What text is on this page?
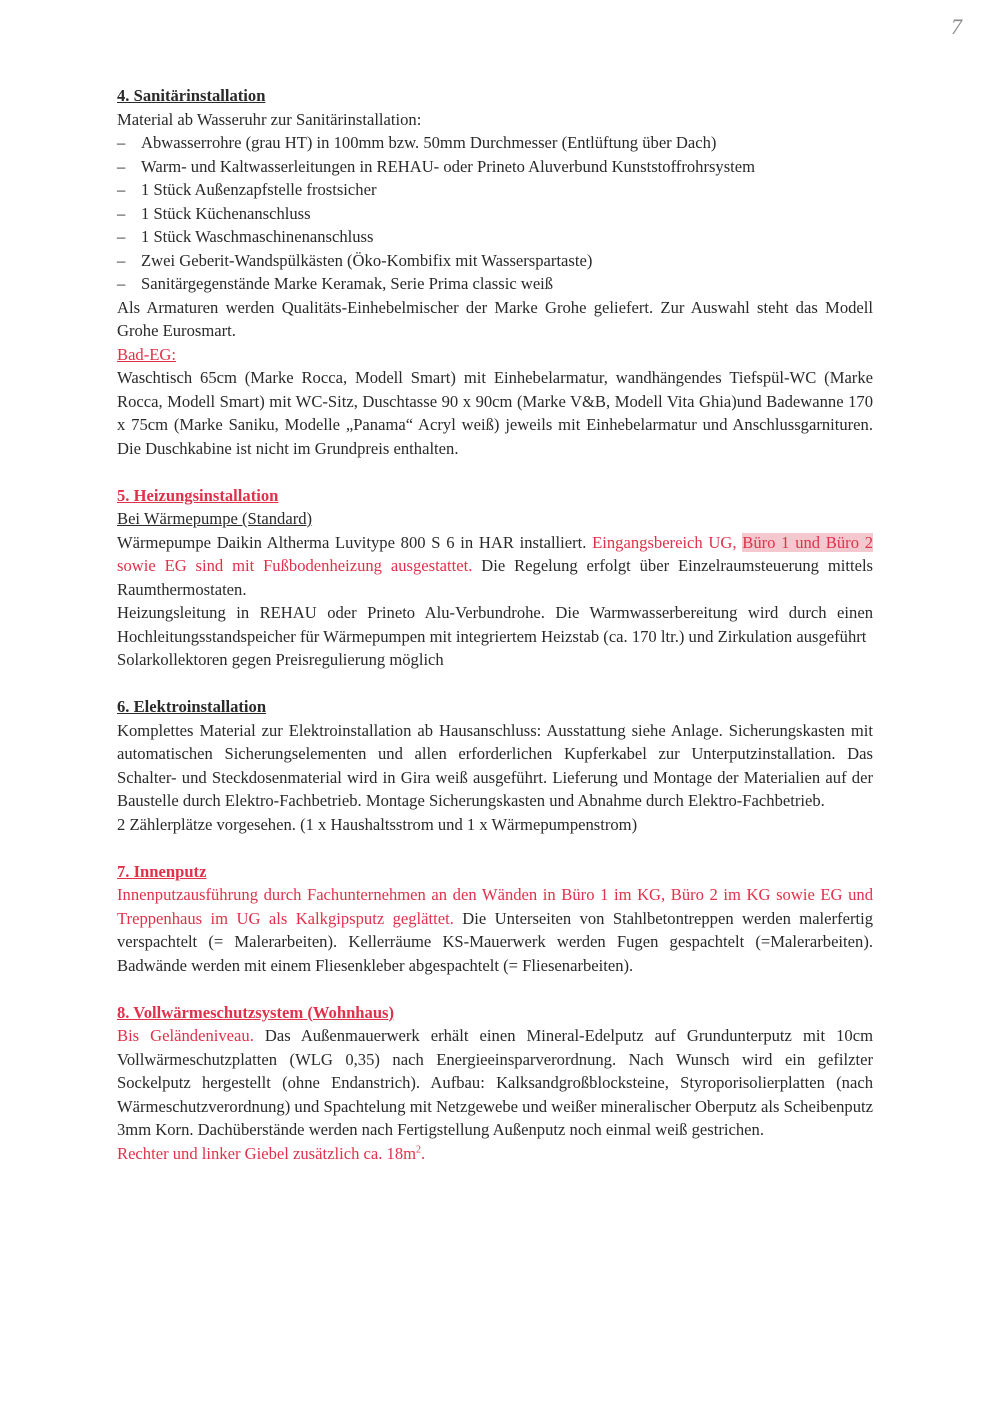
7
4. Sanitärinstallation

Material ab Wasseruhr zur Sanitärinstallation:

– Abwasserrohre (grau HT) in 100mm bzw. 50mm Durchmesser (Entlüftung über Dach)
– Warm- und Kaltwasserleitungen in REHAU- oder Prineto Aluverbund Kunststoffrohrsystem
– 1 Stück Außenzapfstelle frostsicher
– 1 Stück Küchenanschluss
– 1 Stück Waschmaschinenanschluss
– Zwei Geberit-Wandspülkästen (Öko-Kombifix mit Wasserspartaste)
– Sanitärgegenstände Marke Keramak, Serie Prima classic weiß

Als Armaturen werden Qualitäts-Einhebelmischer der Marke Grohe geliefert. Zur Auswahl steht das Modell Grohe Eurosmart.

Bad-EG:

Waschtisch 65cm (Marke Rocca, Modell Smart) mit Einhebelarmatur, wandhängendes Tiefspül-WC (Marke Rocca, Modell Smart) mit WC-Sitz, Duschtasse 90 x 90cm (Marke V&B, Modell Vita Ghia)und Badewanne 170 x 75cm (Marke Saniku, Modelle „Panama“ Acryl weiß) jeweils mit Einhebelarmatur und Anschlussgarnituren. Die Duschkabine ist nicht im Grundpreis enthalten.

5. Heizungsinstallation

Bei Wärmepumpe (Standard)

Wärmepumpe Daikin Altherma Luvitype 800 S 6 in HAR installiert. Eingangsbereich UG, Büro 1 und Büro 2 sowie EG sind mit Fußbodenheizung ausgestattet. Die Regelung erfolgt über Einzelraumsteuerung mittels Raumthermostaten.

Heizungsleitung in REHAU oder Prineto Alu-Verbundrohe. Die Warmwasserbereitung wird durch einen Hochleitungsstandspeicher für Wärmepumpen mit integriertem Heizstab (ca. 170 ltr.) und Zirkulation ausgeführt

Solarkollektoren gegen Preisregulierung möglich

6. Elektroinstallation

Komplettes Material zur Elektroinstallation ab Hausanschluss: Ausstattung siehe Anlage. Sicherungskasten mit automatischen Sicherungselementen und allen erforderlichen Kupferkabel zur Unterputzinstallation. Das Schalter- und Steckdosenmaterial wird in Gira weiß ausgeführt. Lieferung und Montage der Materialien auf der Baustelle durch Elektro-Fachbetrieb. Montage Sicherungskasten und Abnahme durch Elektro-Fachbetrieb.

2 Zählerplätze vorgesehen. (1 x Haushaltsstrom und 1 x Wärmepumpenstrom)

7. Innenputz

Innenputzausführung durch Fachunternehmen an den Wänden in Büro 1 im KG, Büro 2 im KG sowie EG und Treppenhaus im UG als Kalkgipsputz geglättet. Die Unterseiten von Stahlbetontreppen werden malerfertig verspachtelt (= Malerarbeiten). Kellerräume KS-Mauerwerk werden Fugen gespachtelt (=Malerarbeiten). Badwände werden mit einem Fliesenkleber abgespachtelt (= Fliesenarbeiten).

8. Vollwärmeschutzsystem (Wohnhaus)

Bis Geländeniveau. Das Außenmauerwerk erhält einen Mineral-Edelputz auf Grundunterputz mit 10cm Vollwärmeschutzplatten (WLG 0,35) nach Energieeinsparverordnung. Nach Wunsch wird ein gefilzter Sockelputz hergestellt (ohne Endanstrich). Aufbau: Kalksandgroßblocksteine, Styroporisolierplatten (nach Wärmeschutzverordnung) und Spachtelung mit Netzgewebe und weißer mineralischer Oberputz als Scheibenputz 3mm Korn. Dachüberstände werden nach Fertigstellung Außenputz noch einmal weiß gestrichen.

Rechter und linker Giebel zusätzlich ca. $18m^2$.
